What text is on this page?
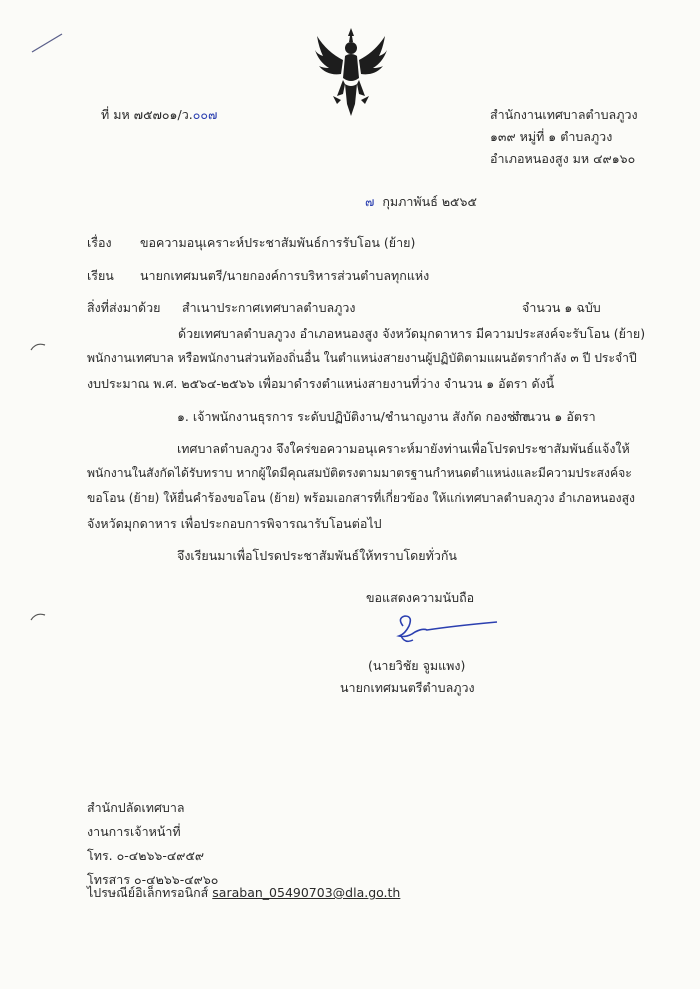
ที่ มห ๗๕๗๐๑/ว.๐๐๗	สำนักงานเทศบาลตำบลภูวง
๑๓๙ หมู่ที่ ๑ ตำบลภูวง
อำเภอหนองสูง มห ๔๙๑๖๐
๗ กุมภาพันธ์ ๒๕๖๕
เรื่อง ขอความอนุเคราะห์ประชาสัมพันธ์การรับโอน (ย้าย)
เรียน นายกเทศมนตรี/นายกองค์การบริหารส่วนตำบลทุกแห่ง
สิ่งที่ส่งมาด้วย สำเนาประกาศเทศบาลตำบลภูวง	จำนวน ๑ ฉบับ
ด้วยเทศบาลตำบลภูวง อำเภอหนองสูง จังหวัดมุกดาหาร มีความประสงค์จะรับโอน (ย้าย)
พนักงานเทศบาล หรือพนักงานส่วนท้องถิ่นอื่น ในตำแหน่งสายงานผู้ปฏิบัติตามแผนอัตรากำลัง ๓ ปี ประจำปี
งบประมาณ พ.ศ. ๒๕๖๔-๒๕๖๖ เพื่อมาดำรงตำแหน่งสายงานที่ว่าง จำนวน ๑ อัตรา ดังนี้
๑. เจ้าพนักงานธุรการ ระดับปฏิบัติงาน/ชำนาญงาน สังกัด กองช่าง
จำนวน ๑ อัตรา
เทศบาลตำบลภูวง จึงใคร่ขอความอนุเคราะห์มายังท่านเพื่อโปรดประชาสัมพันธ์แจ้งให้
พนักงานในสังกัดได้รับทราบ หากผู้ใดมีคุณสมบัติตรงตามมาตรฐานกำหนดตำแหน่งและมีความประสงค์จะ
ขอโอน (ย้าย) ให้ยื่นคำร้องขอโอน (ย้าย) พร้อมเอกสารที่เกี่ยวข้อง ให้แก่เทศบาลตำบลภูวง อำเภอหนองสูง
จังหวัดมุกดาหาร เพื่อประกอบการพิจารณารับโอนต่อไป
จึงเรียนมาเพื่อโปรดประชาสัมพันธ์ให้ทราบโดยทั่วกัน
ขอแสดงความนับถือ
(นายวิชัย จูมแพง)
นายกเทศมนตรีตำบลภูวง
สำนักปลัดเทศบาล
งานการเจ้าหน้าที่
โทร. ๐-๔๒๖๖-๔๙๕๙
โทรสาร ๐-๔๒๖๖-๔๙๖๐
ไปรษณีย์อิเล็กทรอนิกส์ saraban_05490703@dla.go.th
